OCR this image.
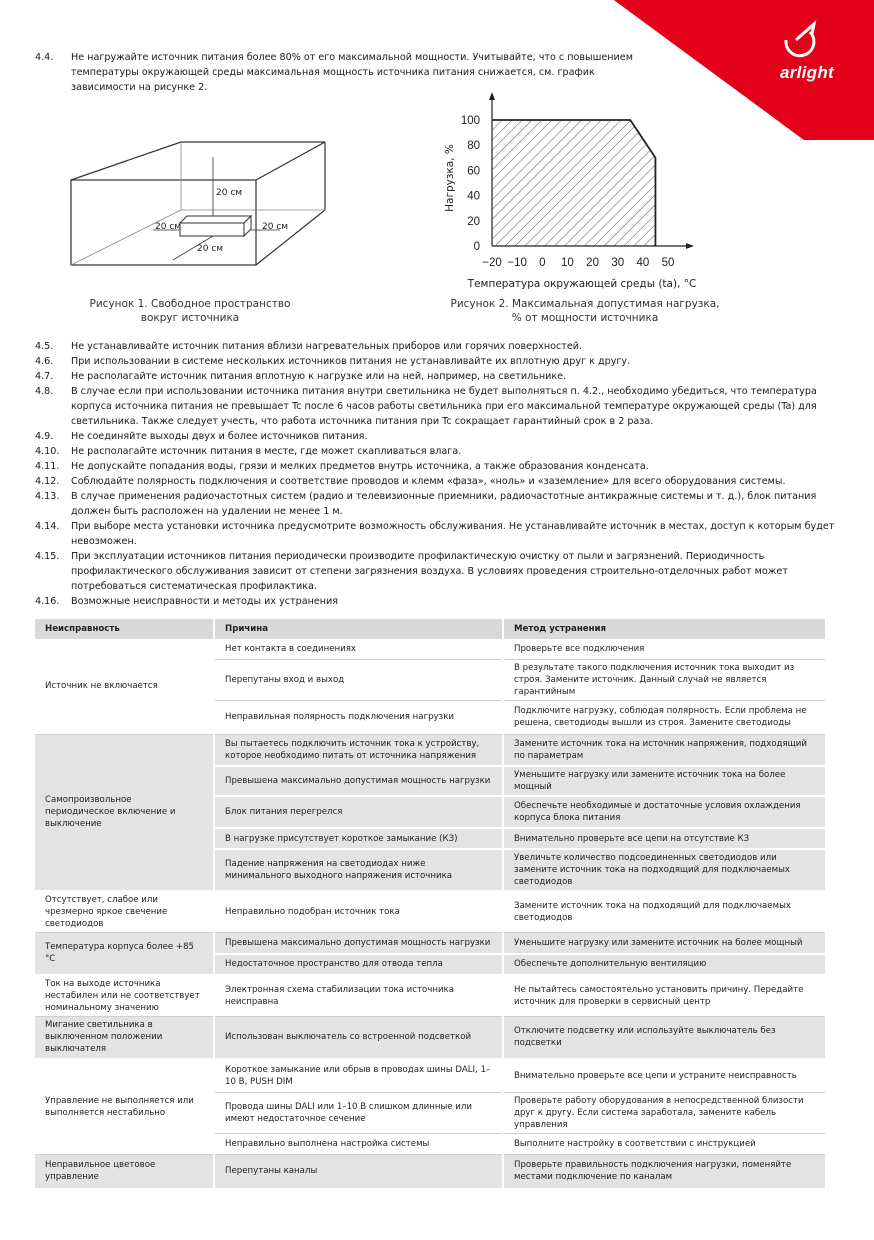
arlight
4.4.	Не нагружайте источник питания более 80% от его максимальной мощности. Учитывайте, что с повышением температуры окружающей среды максимальная мощность источника питания снижается, см. график зависимости на рисунке 2.
20 см
20 см	20 см
20 см
Рисунок 1. Свободное пространство
вокруг источника
−20 −10 0 10 20 30 40 50
0
20
40
60
80
100
Температура окружающей среды (ta), °C
Нагрузка, %
Рисунок 2. Максимальная допустимая нагрузка,
% от мощности источника
4.5.	Не устанавливайте источник питания вблизи нагревательных приборов или горячих поверхностей.
4.6.	При использовании в системе нескольких источников питания не устанавливайте их вплотную друг к другу.
4.7.	Не располагайте источник питания вплотную к нагрузке или на ней, например, на светильнике.
4.8.	В случае если при использовании источника питания внутри светильника не будет выполняться п. 4.2., необходимо убедиться, что температура корпуса источника питания не превышает Tc после 6 часов работы светильника при его максимальной температуре окружающей среды (Ta) для светильника. Также следует учесть, что работа источника питания при Tc сокращает гарантийный срок в 2 раза.
4.9.	Не соединяйте выходы двух и более источников питания.
4.10.	Не располагайте источник питания в месте, где может скапливаться влага.
4.11.	Не допускайте попадания воды, грязи и мелких предметов внутрь источника, а также образования конденсата.
4.12.	Соблюдайте полярность подключения и соответствие проводов и клемм «фаза», «ноль» и «заземление» для всего оборудования системы.
4.13.	В случае применения радиочастотных систем (радио и телевизионные приемники, радиочастотные антикражные системы и т. д.), блок питания должен быть расположен на удалении не менее 1 м.
4.14.	При выборе места установки источника предусмотрите возможность обслуживания. Не устанавливайте источник в местах, доступ к которым будет невозможен.
4.15.	При эксплуатации источников питания периодически производите профилактическую очистку от пыли и загрязнений. Периодичность профилактического обслуживания зависит от степени загрязнения воздуха. В условиях проведения строительно-отделочных работ может потребоваться систематическая профилактика.
4.16.	Возможные неисправности и методы их устранения
Неисправность	Причина	Метод устранения
Источник не включается	Нет контакта в соединениях	Проверьте все подключения
	Перепутаны вход и выход	В результате такого подключения источник тока выходит из строя. Замените источник. Данный случай не является гарантийным
	Неправильная полярность подключения нагрузки	Подключите нагрузку, соблюдая полярность. Если проблема не решена, светодиоды вышли из строя. Замените светодиоды
Самопроизвольное периодическое включение и выключение	Вы пытаетесь подключить источник тока к устройству, которое необходимо питать от источника напряжения	Замените источник тока на источник напряжения, подходящий по параметрам
	Превышена максимально допустимая мощность нагрузки	Уменьшите нагрузку или замените источник тока на более мощный
	Блок питания перегрелся	Обеспечьте необходимые и достаточные условия охлаждения корпуса блока питания
	В нагрузке присутствует короткое замыкание (КЗ)	Внимательно проверьте все цепи на отсутствие КЗ
	Падение напряжения на светодиодах ниже минимального выходного напряжения источника	Увеличьте количество подсоединенных светодиодов или замените источник тока на подходящий для подключаемых светодиодов
Отсутствует, слабое или чрезмерно яркое свечение светодиодов	Неправильно подобран источник тока	Замените источник тока на подходящий для подключаемых светодиодов
Температура корпуса более +85 °C	Превышена максимально допустимая мощность нагрузки	Уменьшите нагрузку или замените источник на более мощный
	Недостаточное пространство для отвода тепла	Обеспечьте дополнительную вентиляцию
Ток на выходе источника нестабилен или не соответствует номинальному значению	Электронная схема стабилизации тока источника неисправна	Не пытайтесь самостоятельно установить причину. Передайте источник для проверки в сервисный центр
Мигание светильника в выключенном положении выключателя	Использован выключатель со встроенной подсветкой	Отключите подсветку или используйте выключатель без подсветки
Управление не выполняется или выполняется нестабильно	Короткое замыкание или обрыв в проводах шины DALI, 1–10 В, PUSH DIM	Внимательно проверьте все цепи и устраните неисправность
	Провода шины DALI или 1–10 В слишком длинные или имеют недостаточное сечение	Проверьте работу оборудования в непосредственной близости друг к другу. Если система заработала, замените кабель управления
	Неправильно выполнена настройка системы	Выполните настройку в соответствии с инструкцией
Неправильное цветовое управление	Перепутаны каналы	Проверьте правильность подключения нагрузки, поменяйте местами подключение по каналам
